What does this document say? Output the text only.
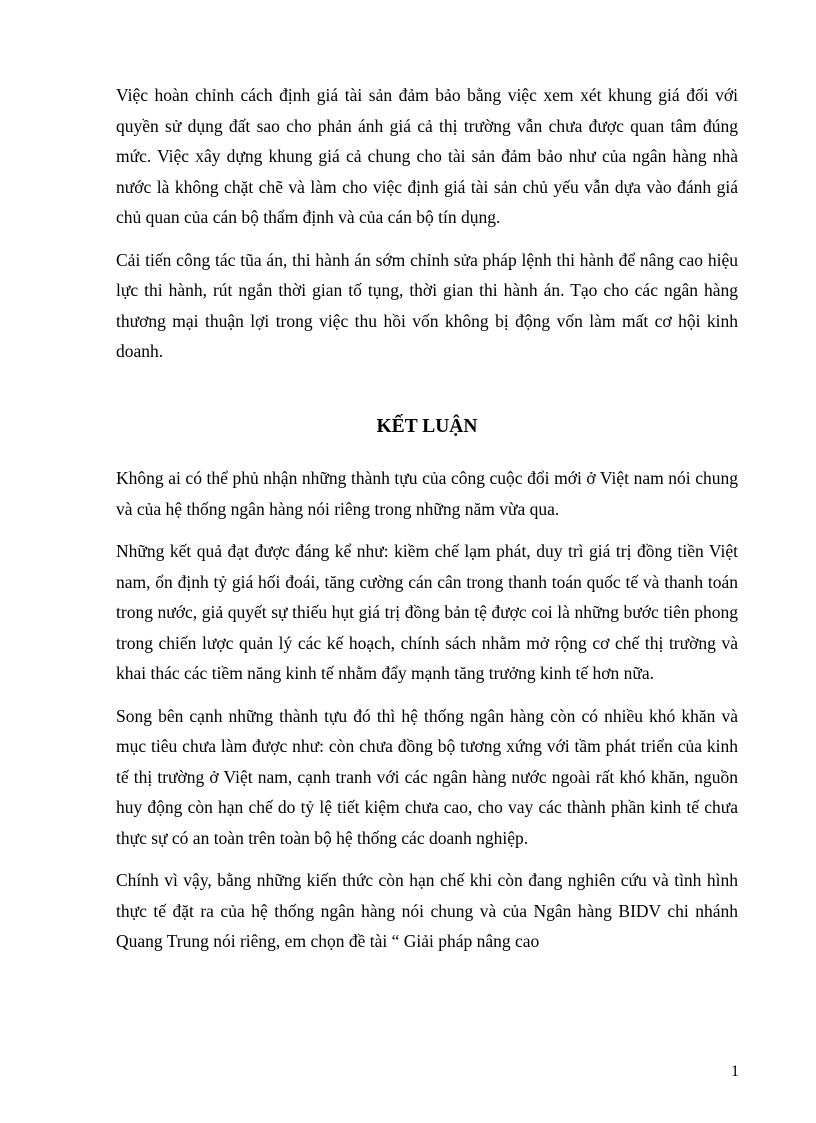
Việc hoàn chỉnh cách định giá tài sản đảm bảo bằng việc xem xét khung giá đối với quyền sử dụng đất sao cho phản ánh giá cả thị trường vẫn chưa được quan tâm đúng mức. Việc xây dựng khung giá cả chung cho tài sản đảm bảo như của ngân hàng nhà nước là không chặt chẽ và làm cho việc định giá tài sản chủ yếu vẫn dựa vào đánh giá chủ quan của cán bộ thẩm định và của cán bộ tín dụng.

Cải tiến công tác tũa án, thi hành án sớm chỉnh sửa pháp lệnh thi hành để nâng cao hiệu lực thi hành, rút ngắn thời gian tố tụng, thời gian thi hành án. Tạo cho các ngân hàng thương mại thuận lợi trong việc thu hồi vốn không bị động vốn làm mất cơ hội kinh doanh.

KẾT LUẬN

Không ai có thể phủ nhận những thành tựu của công cuộc đổi mới ở Việt nam nói chung và của hệ thống ngân hàng nói riêng trong những năm vừa qua.

Những kết quả đạt được đáng kể như: kiềm chế lạm phát, duy trì giá trị đồng tiền Việt nam, ổn định tỷ giá hối đoái, tăng cường cán cân trong thanh toán quốc tế và thanh toán trong nước, giả quyết sự thiếu hụt giá trị đồng bản tệ được coi là những bước tiên phong trong chiến lược quản lý các kế hoạch, chính sách nhằm mở rộng cơ chế thị trường và khai thác các tiềm năng kinh tế nhằm đẩy mạnh tăng trưởng kinh tế hơn nữa.

Song bên cạnh những thành tựu đó thì hệ thống ngân hàng còn có nhiều khó khăn và mục tiêu chưa làm được như: còn chưa đồng bộ tương xứng với tầm phát triển của kinh tế thị trường ở Việt nam, cạnh tranh với các ngân hàng nước ngoài rất khó khăn, nguồn huy động còn hạn chế do tỷ lệ tiết kiệm chưa cao, cho vay các thành phần kinh tế chưa thực sự có an toàn trên toàn bộ hệ thống các doanh nghiệp.

Chính vì vậy, bằng những kiến thức còn hạn chế khi còn đang nghiên cứu và tình hình thực tế đặt ra của hệ thống ngân hàng nói chung và của Ngân hàng BIDV chi nhánh Quang Trung nói riêng, em chọn đề tài “ Giải pháp nâng cao

1
